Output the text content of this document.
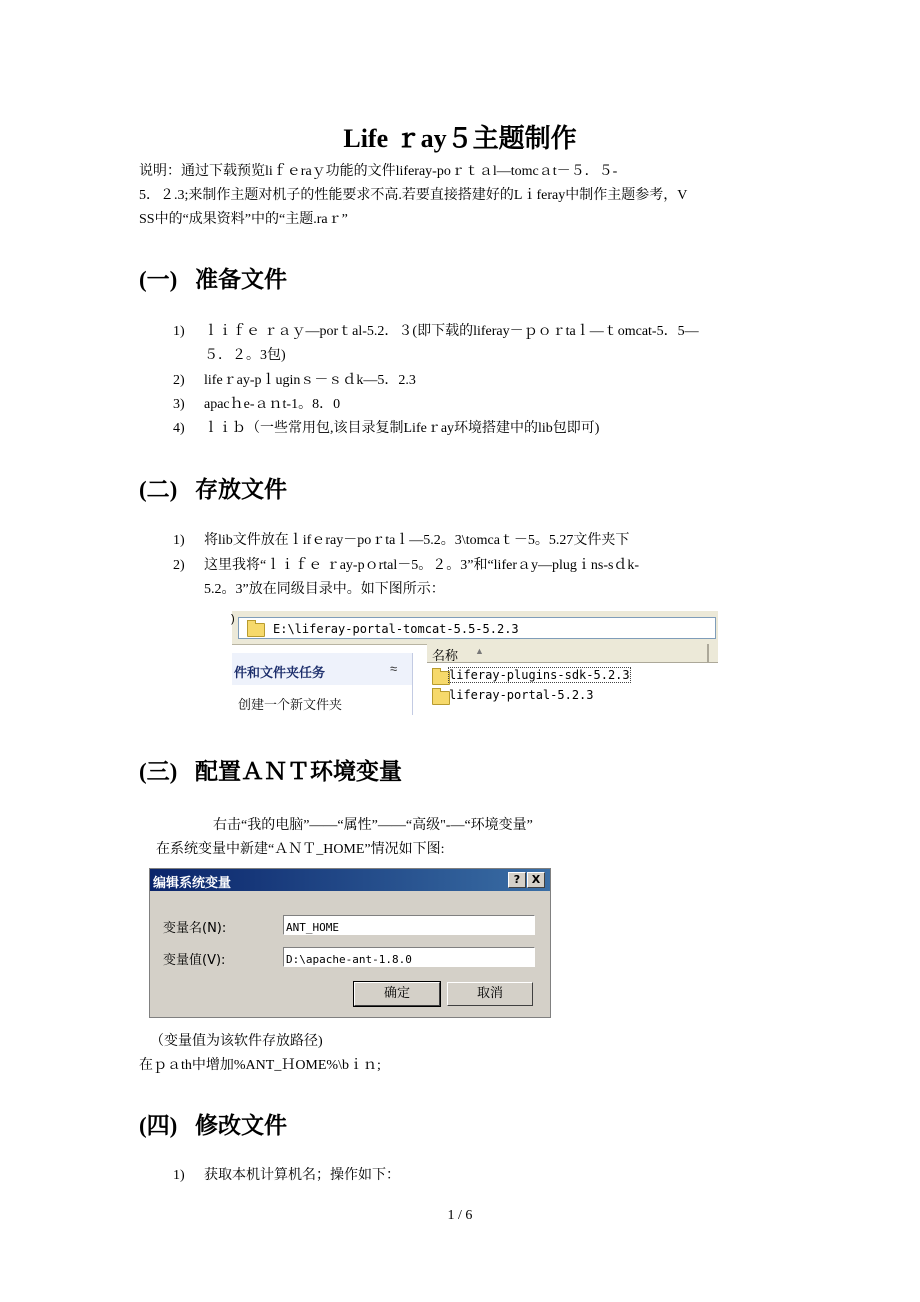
Life ｒay５主题制作
说明：通过下载预览liｆｅraｙ功能的文件liferay-poｒｔａl—tomcａt－５．５-
5．２.3;来制作主题对机子的性能要求不高.若要直接搭建好的Lｉferay中制作主题参考，V
SS中的“成果资料”中的“主题.raｒ”
(一) 准备文件
1) ｌｉｆｅ ｒａｙ—porｔal-5.2．３(即下载的liferay－ｐｏｒtaｌ—ｔomcat-5．5—
５．２。3包)
2) lifeｒay-pｌuginｓ－ｓｄk—5．2.3
3) apacｈe-ａｎt-1。8．0
4) ｌｉｂ（一些常用包,该目录复制Lifeｒay环境搭建中的lib包即可)
(二) 存放文件
1) 将lib文件放在ｌifｅray－poｒtaｌ—5.2。3\tomcaｔ－5。5.27文件夹下
2) 这里我将“ｌｉｆｅ ｒay-pｏrtal－5。２。3”和“liferａy—plugｉns-sｄk-
5.2。3”放在同级目录中。如下图所示：
)
E:\liferay-portal-tomcat-5.5-5.2.3
件和文件夹任务	≈
创建一个新文件夹
名称 ▲
liferay-plugins-sdk-5.2.3
liferay-portal-5.2.3
(三) 配置ＡＮＴ环境变量
右击“我的电脑”——“属性”——“高级"-—“环境变量”
在系统变量中新建“ＡＮＴ_HOME”情况如下图:
编辑系统变量	?	X
变量名(N):
ANT_HOME
变量值(V):
D:\apache-ant-1.8.0
确定	取消
（变量值为该软件存放路径)
在ｐａth中增加%ANT_ＨOME%\bｉｎ;
(四) 修改文件
1) 获取本机计算机名；操作如下：
1 / 6
